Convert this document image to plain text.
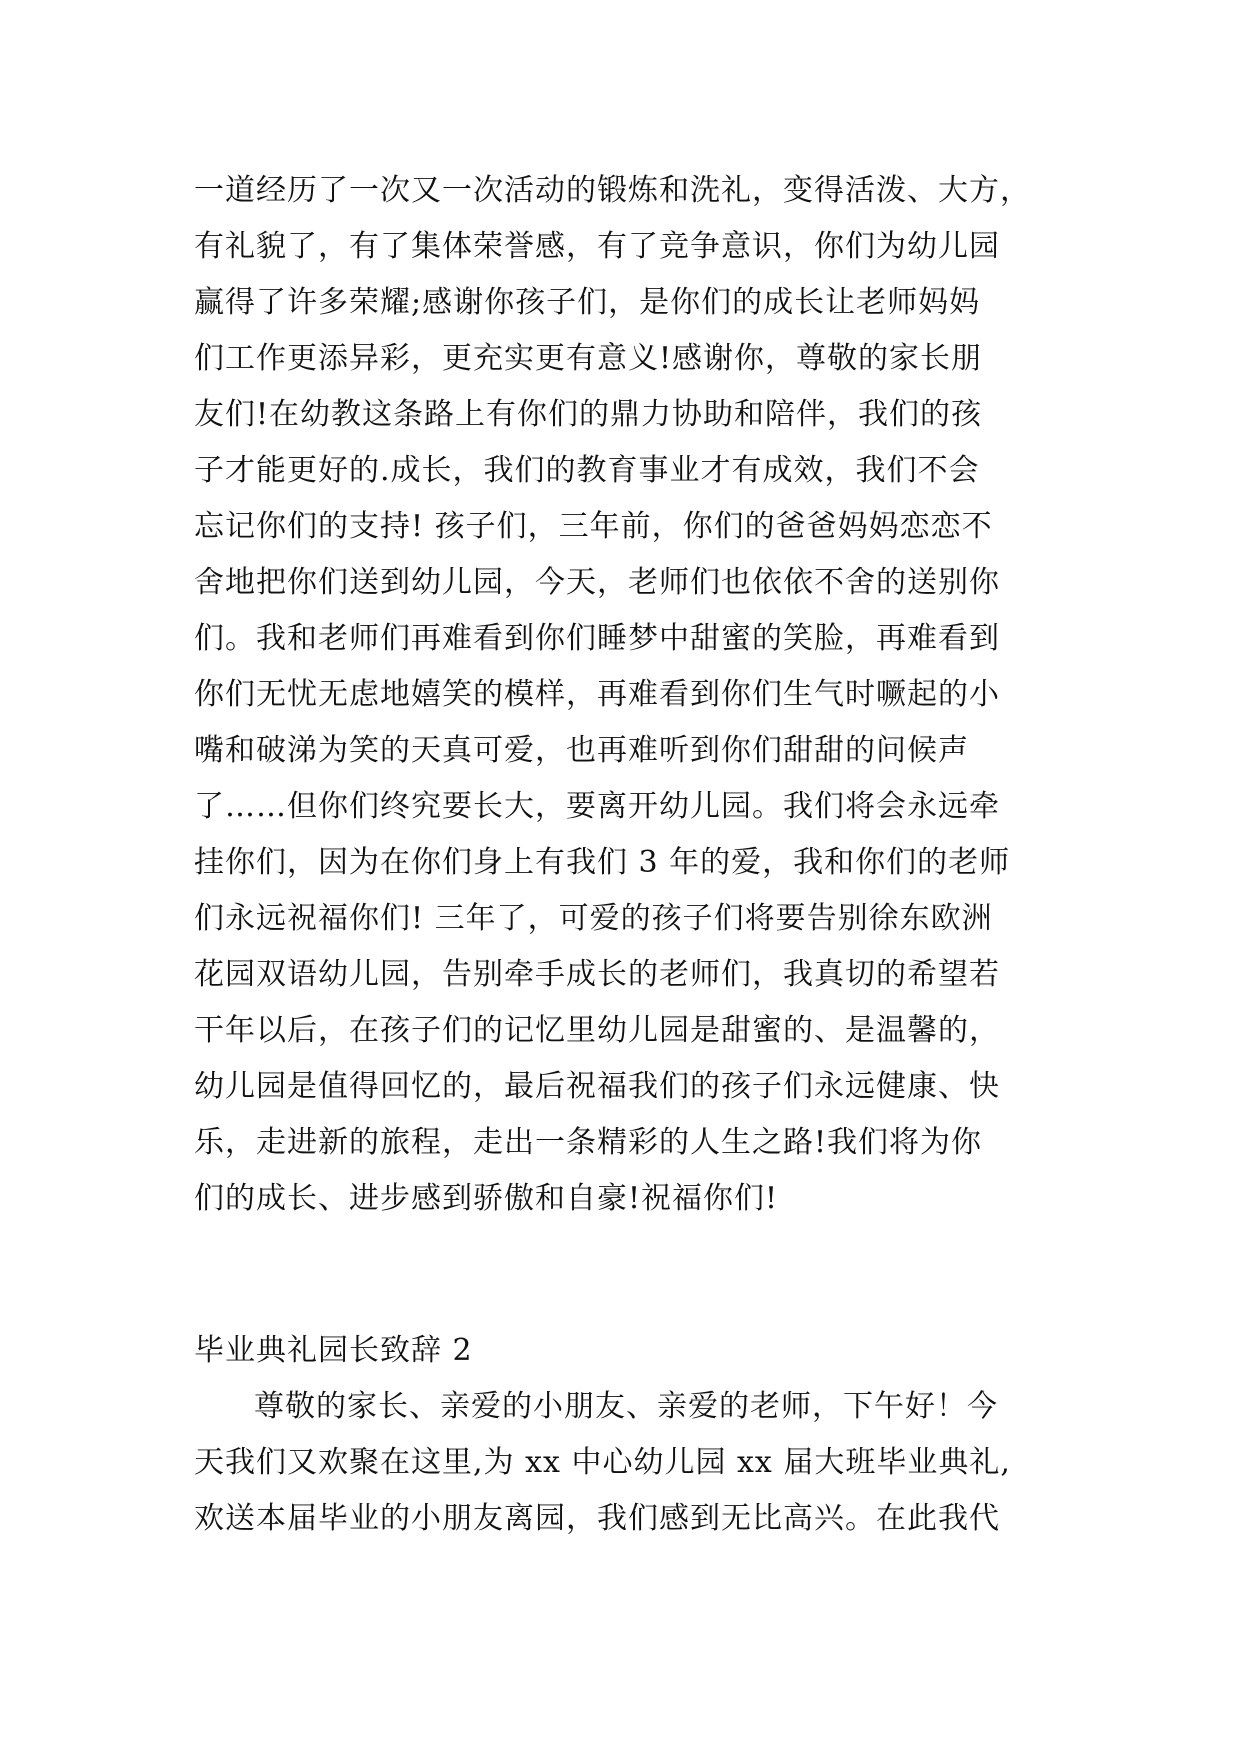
一道经历了一次又一次活动的锻炼和洗礼，变得活泼、大方，
有礼貌了，有了集体荣誉感，有了竞争意识，你们为幼儿园
赢得了许多荣耀;感谢你孩子们，是你们的成长让老师妈妈
们工作更添异彩，更充实更有意义!感谢你，尊敬的家长朋
友们!在幼教这条路上有你们的鼎力协助和陪伴，我们的孩
子才能更好的.成长，我们的教育事业才有成效，我们不会
忘记你们的支持! 孩子们，三年前，你们的爸爸妈妈恋恋不
舍地把你们送到幼儿园，今天，老师们也依依不舍的送别你
们。我和老师们再难看到你们睡梦中甜蜜的笑脸，再难看到
你们无忧无虑地嬉笑的模样，再难看到你们生气时噘起的小
嘴和破涕为笑的天真可爱，也再难听到你们甜甜的问候声
了……但你们终究要长大，要离开幼儿园。我们将会永远牵
挂你们，因为在你们身上有我们 3 年的爱，我和你们的老师
们永远祝福你们! 三年了，可爱的孩子们将要告别徐东欧洲
花园双语幼儿园，告别牵手成长的老师们，我真切的希望若
干年以后，在孩子们的记忆里幼儿园是甜蜜的、是温馨的，
幼儿园是值得回忆的，最后祝福我们的孩子们永远健康、快
乐，走进新的旅程，走出一条精彩的人生之路!我们将为你
们的成长、进步感到骄傲和自豪!祝福你们!
毕业典礼园长致辞 2
尊敬的家长、亲爱的小朋友、亲爱的老师，下午好！今
天我们又欢聚在这里,为 xx 中心幼儿园 xx 届大班毕业典礼,
欢送本届毕业的小朋友离园，我们感到无比高兴。在此我代
